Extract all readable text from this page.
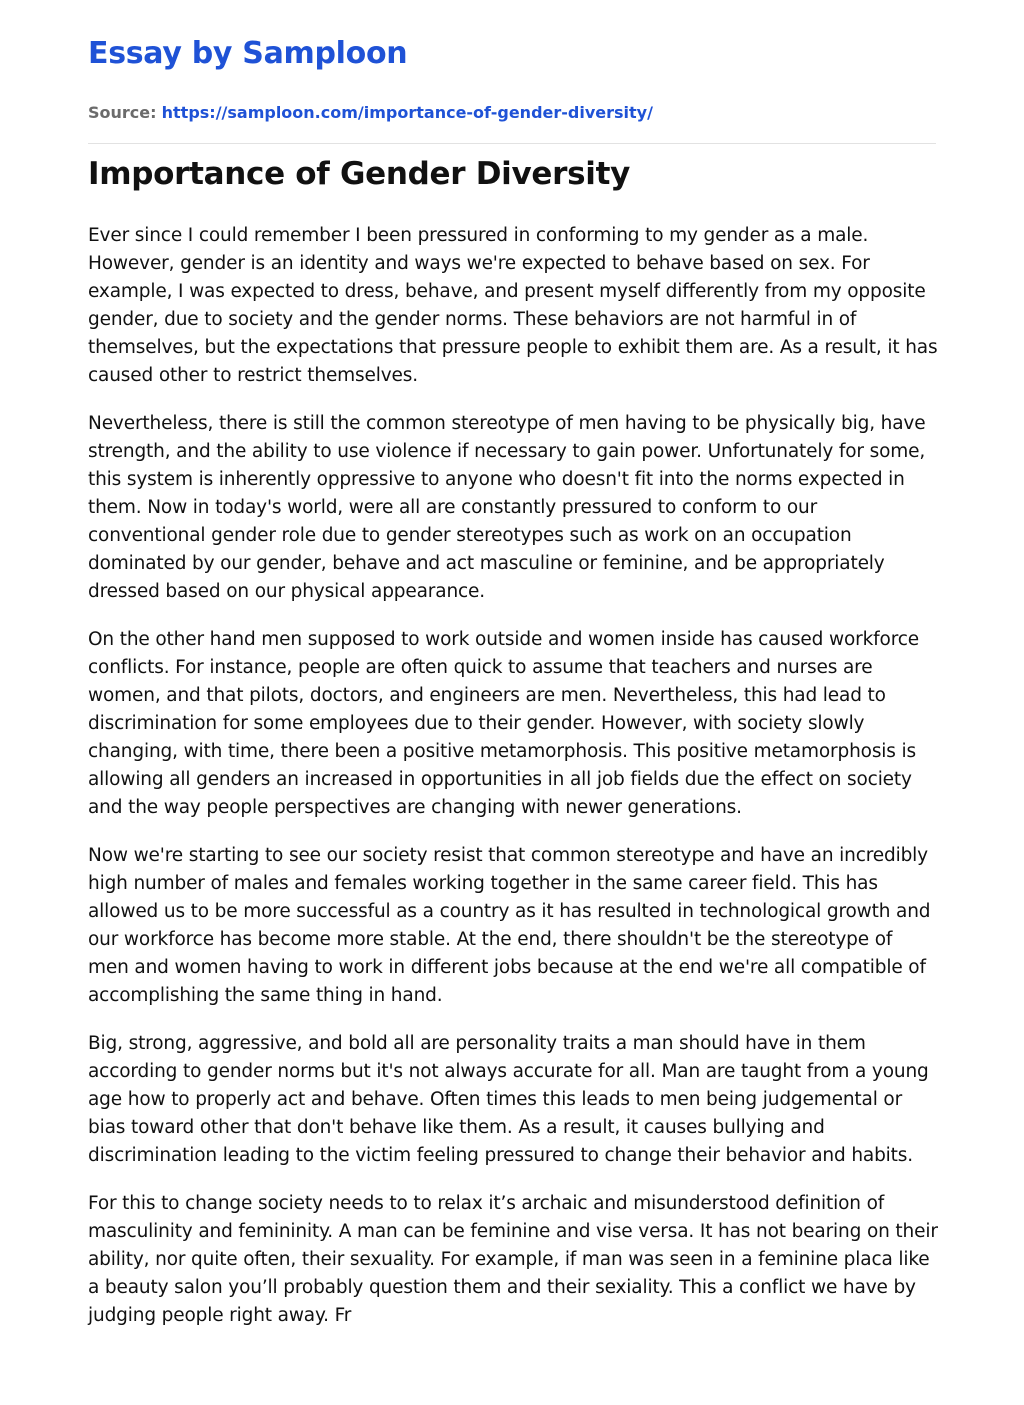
Essay by Samploon
Source: https://samploon.com/importance-of-gender-diversity/
Importance of Gender Diversity

Ever since I could remember I been pressured in conforming to my gender as a male. However, gender is an identity and ways we're expected to behave based on sex. For example, I was expected to dress, behave, and present myself differently from my opposite gender, due to society and the gender norms. These behaviors are not harmful in of themselves, but the expectations that pressure people to exhibit them are. As a result, it has caused other to restrict themselves.

Nevertheless, there is still the common stereotype of men having to be physically big, have strength, and the ability to use violence if necessary to gain power. Unfortunately for some, this system is inherently oppressive to anyone who doesn't fit into the norms expected in them. Now in today's world, were all are constantly pressured to conform to our conventional gender role due to gender stereotypes such as work on an occupation dominated by our gender, behave and act masculine or feminine, and be appropriately dressed based on our physical appearance.

On the other hand men supposed to work outside and women inside has caused workforce conflicts. For instance, people are often quick to assume that teachers and nurses are women, and that pilots, doctors, and engineers are men. Nevertheless, this had lead to discrimination for some employees due to their gender. However, with society slowly changing, with time, there been a positive metamorphosis. This positive metamorphosis is allowing all genders an increased in opportunities in all job fields due the effect on society and the way people perspectives are changing with newer generations.

Now we're starting to see our society resist that common stereotype and have an incredibly high number of males and females working together in the same career field. This has allowed us to be more successful as a country as it has resulted in technological growth and our workforce has become more stable. At the end, there shouldn't be the stereotype of men and women having to work in different jobs because at the end we're all compatible of accomplishing the same thing in hand.

Big, strong, aggressive, and bold all are personality traits a man should have in them according to gender norms but it's not always accurate for all. Man are taught from a young age how to properly act and behave. Often times this leads to men being judgemental or bias toward other that don't behave like them. As a result, it causes bullying and discrimination leading to the victim feeling pressured to change their behavior and habits.

For this to change society needs to to relax it’s archaic and misunderstood definition of masculinity and femininity. A man can be feminine and vise versa. It has not bearing on their ability, nor quite often, their sexuality. For example, if man was seen in a feminine placa like a beauty salon you’ll probably question them and their sexiality. This a conflict we have by judging people right away. Fr
